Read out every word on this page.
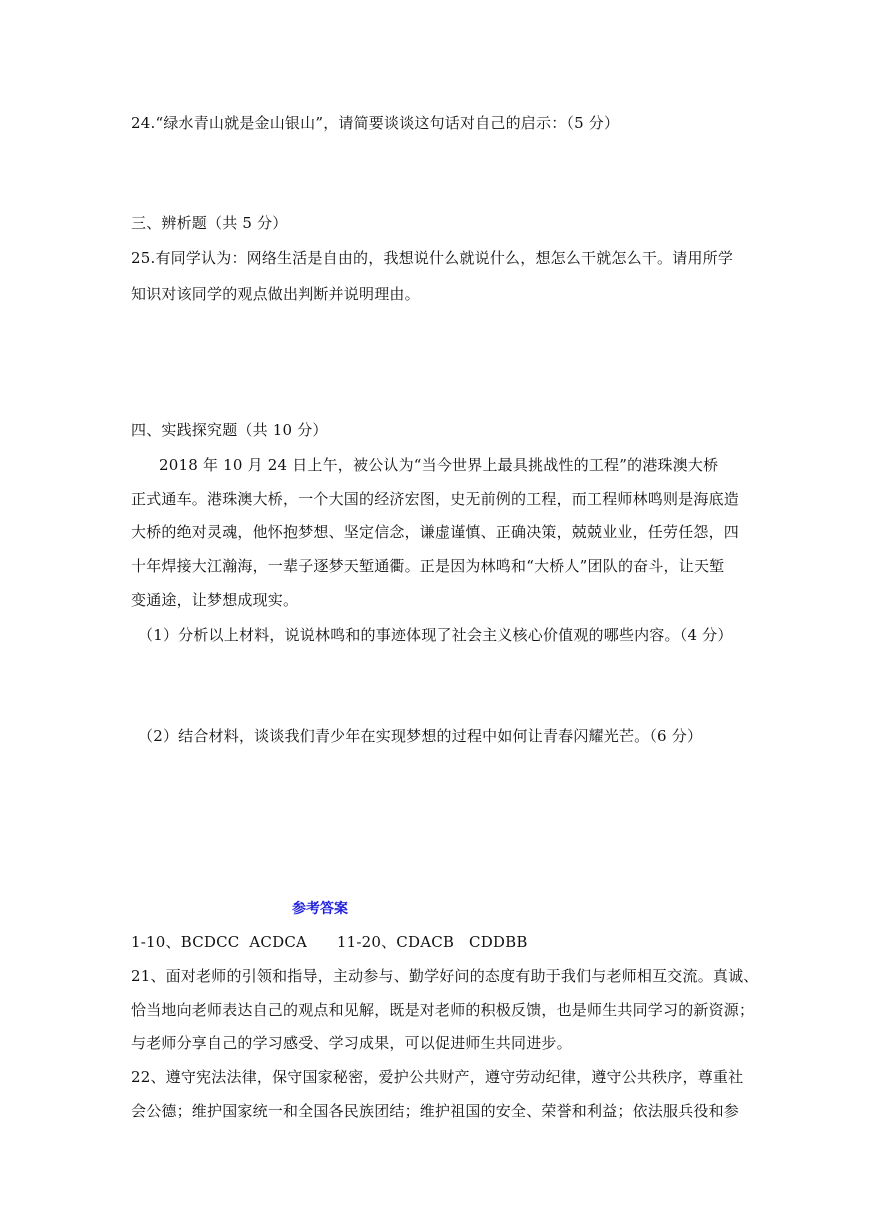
24.“绿水青山就是金山银山”，请简要谈谈这句话对自己的启示：（5 分）
三、辨析题（共 5 分）
25.有同学认为：网络生活是自由的，我想说什么就说什么，想怎么干就怎么干。请用所学
知识对该同学的观点做出判断并说明理由。
四、实践探究题（共 10 分）
2018 年 10 月 24 日上午，被公认为“当今世界上最具挑战性的工程”的港珠澳大桥
正式通车。港珠澳大桥，一个大国的经济宏图，史无前例的工程，而工程师林鸣则是海底造
大桥的绝对灵魂，他怀抱梦想、坚定信念，谦虚谨慎、正确决策，兢兢业业，任劳任怨，四
十年焊接大江瀚海，一辈子逐梦天堑通衢。正是因为林鸣和“大桥人”团队的奋斗，让天堑
变通途，让梦想成现实。
（1）分析以上材料，说说林鸣和的事迹体现了社会主义核心价值观的哪些内容。（4 分）
（2）结合材料，谈谈我们青少年在实现梦想的过程中如何让青春闪耀光芒。（6 分）
参考答案
1-10、BCDCC  ACDCA      11-20、CDACB   CDDBB
21、面对老师的引领和指导，主动参与、勤学好问的态度有助于我们与老师相互交流。真诚、
恰当地向老师表达自己的观点和见解，既是对老师的积极反馈，也是师生共同学习的新资源；
与老师分享自己的学习感受、学习成果，可以促进师生共同进步。
22、遵守宪法法律，保守国家秘密，爱护公共财产，遵守劳动纪律，遵守公共秩序，尊重社
会公德；维护国家统一和全国各民族团结；维护祖国的安全、荣誉和利益；依法服兵役和参
